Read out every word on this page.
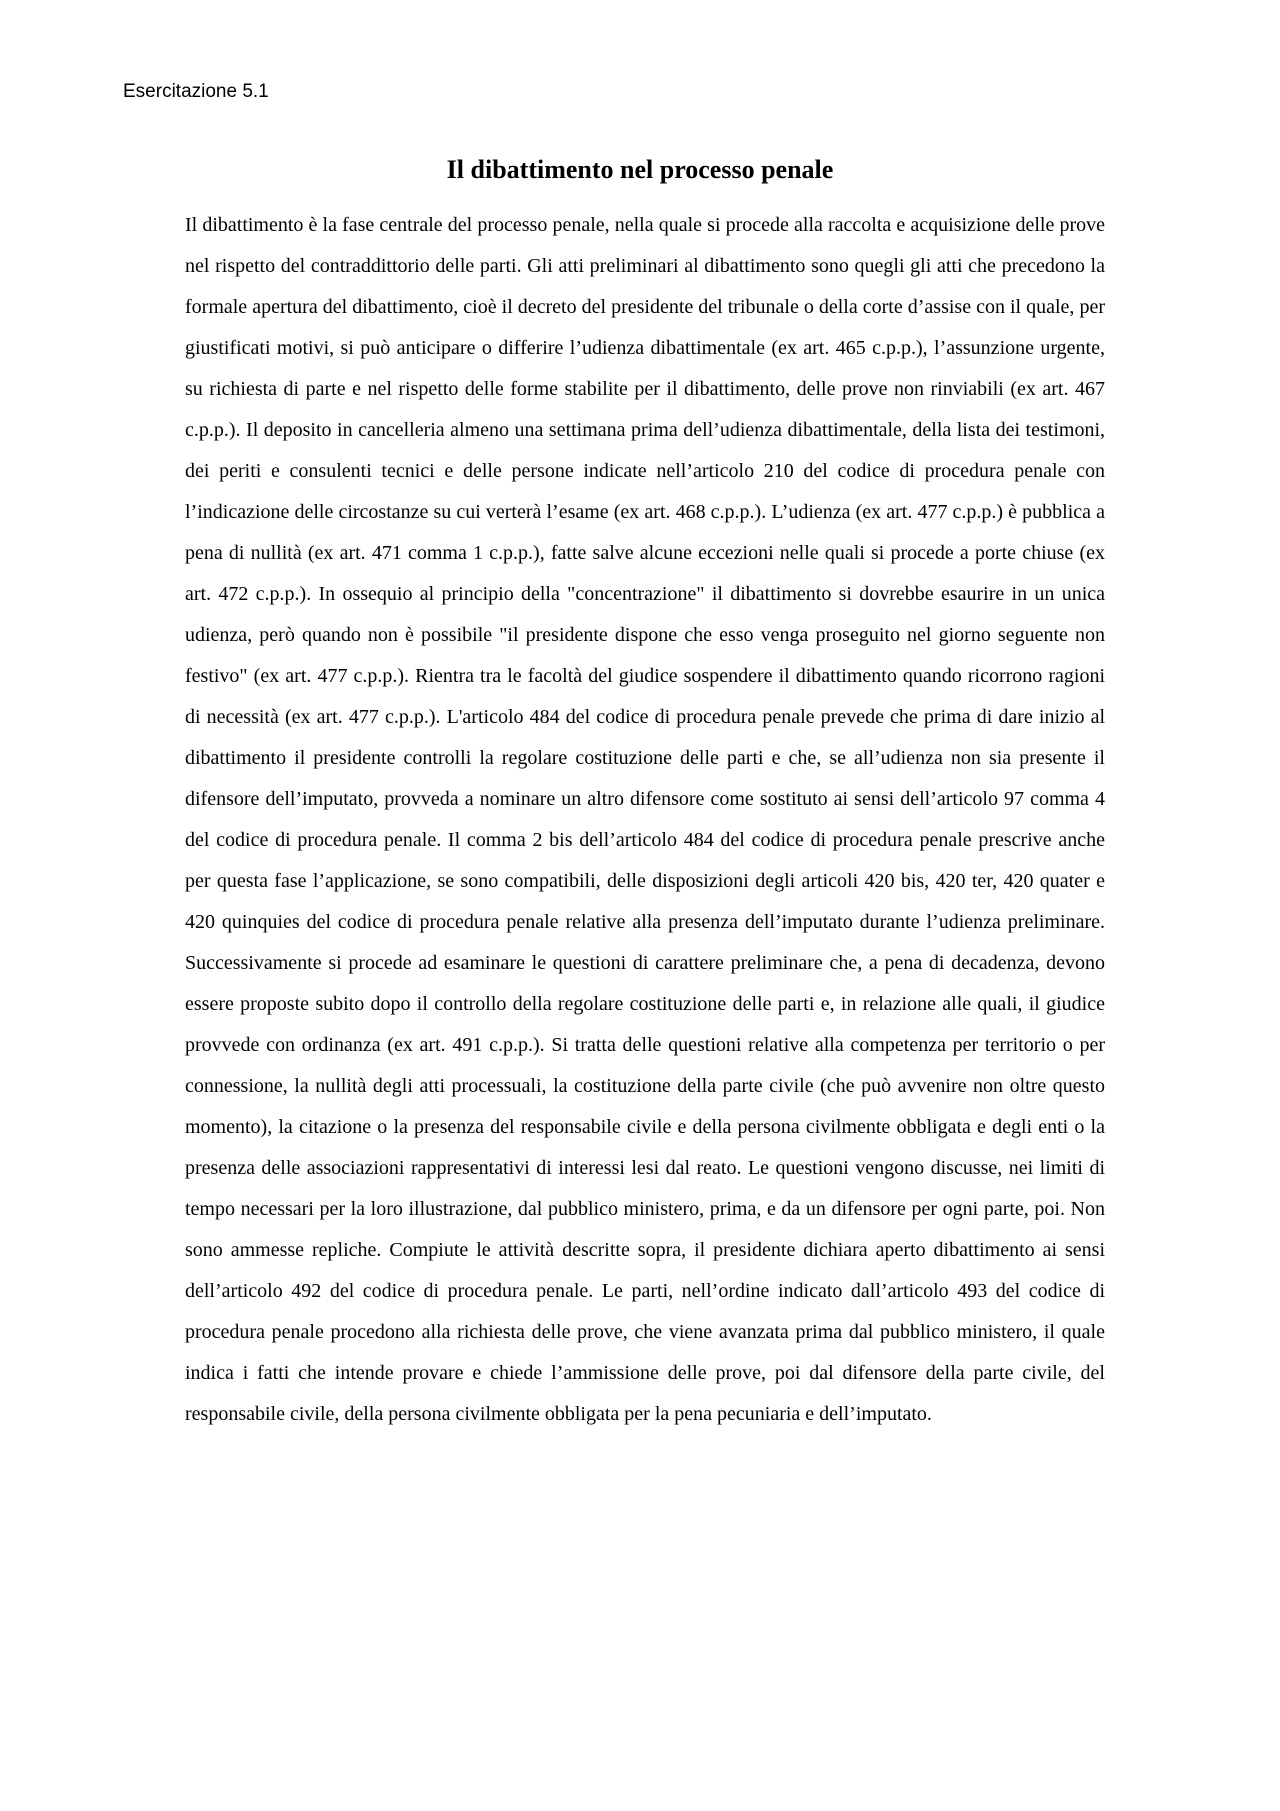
Esercitazione 5.1
Il dibattimento nel processo penale

Il dibattimento è la fase centrale del processo penale, nella quale si procede alla raccolta e acquisizione delle prove nel rispetto del contraddittorio delle parti. Gli atti preliminari al dibattimento sono quegli gli atti che precedono la formale apertura del dibattimento, cioè il decreto del presidente del tribunale o della corte d’assise con il quale, per giustificati motivi, si può anticipare o differire l’udienza dibattimentale (ex art. 465 c.p.p.), l’assunzione urgente, su richiesta di parte e nel rispetto delle forme stabilite per il dibattimento, delle prove non rinviabili (ex art. 467 c.p.p.). Il deposito in cancelleria almeno una settimana prima dell’udienza dibattimentale, della lista dei testimoni, dei periti e consulenti tecnici e delle persone indicate nell’articolo 210 del codice di procedura penale con l’indicazione delle circostanze su cui verterà l’esame (ex art. 468 c.p.p.). L’udienza (ex art. 477 c.p.p.) è pubblica a pena di nullità (ex art. 471 comma 1 c.p.p.), fatte salve alcune eccezioni nelle quali si procede a porte chiuse (ex art. 472 c.p.p.). In ossequio al principio della "concentrazione" il dibattimento si dovrebbe esaurire in un unica udienza, però quando non è possibile "il presidente dispone che esso venga proseguito nel giorno seguente non festivo" (ex art. 477 c.p.p.). Rientra tra le facoltà del giudice sospendere il dibattimento quando ricorrono ragioni di necessità (ex art. 477 c.p.p.). L'articolo 484 del codice di procedura penale prevede che prima di dare inizio al dibattimento il presidente controlli la regolare costituzione delle parti e che, se all’udienza non sia presente il difensore dell’imputato, provveda a nominare un altro difensore come sostituto ai sensi dell’articolo 97 comma 4 del codice di procedura penale. Il comma 2 bis dell’articolo 484 del codice di procedura penale prescrive anche per questa fase l’applicazione, se sono compatibili, delle disposizioni degli articoli 420 bis, 420 ter, 420 quater e 420 quinquies del codice di procedura penale relative alla presenza dell’imputato durante l’udienza preliminare. Successivamente si procede ad esaminare le questioni di carattere preliminare che, a pena di decadenza, devono essere proposte subito dopo il controllo della regolare costituzione delle parti e, in relazione alle quali, il giudice provvede con ordinanza (ex art. 491 c.p.p.). Si tratta delle questioni relative alla competenza per territorio o per connessione, la nullità degli atti processuali, la costituzione della parte civile (che può avvenire non oltre questo momento), la citazione o la presenza del responsabile civile e della persona civilmente obbligata e degli enti o la presenza delle associazioni rappresentativi di interessi lesi dal reato. Le questioni vengono discusse, nei limiti di tempo necessari per la loro illustrazione, dal pubblico ministero, prima, e da un difensore per ogni parte, poi. Non sono ammesse repliche. Compiute le attività descritte sopra, il presidente dichiara aperto dibattimento ai sensi dell’articolo 492 del codice di procedura penale. Le parti, nell’ordine indicato dall’articolo 493 del codice di procedura penale procedono alla richiesta delle prove, che viene avanzata prima dal pubblico ministero, il quale indica i fatti che intende provare e chiede l’ammissione delle prove, poi dal difensore della parte civile, del responsabile civile, della persona civilmente obbligata per la pena pecuniaria e dell’imputato.
